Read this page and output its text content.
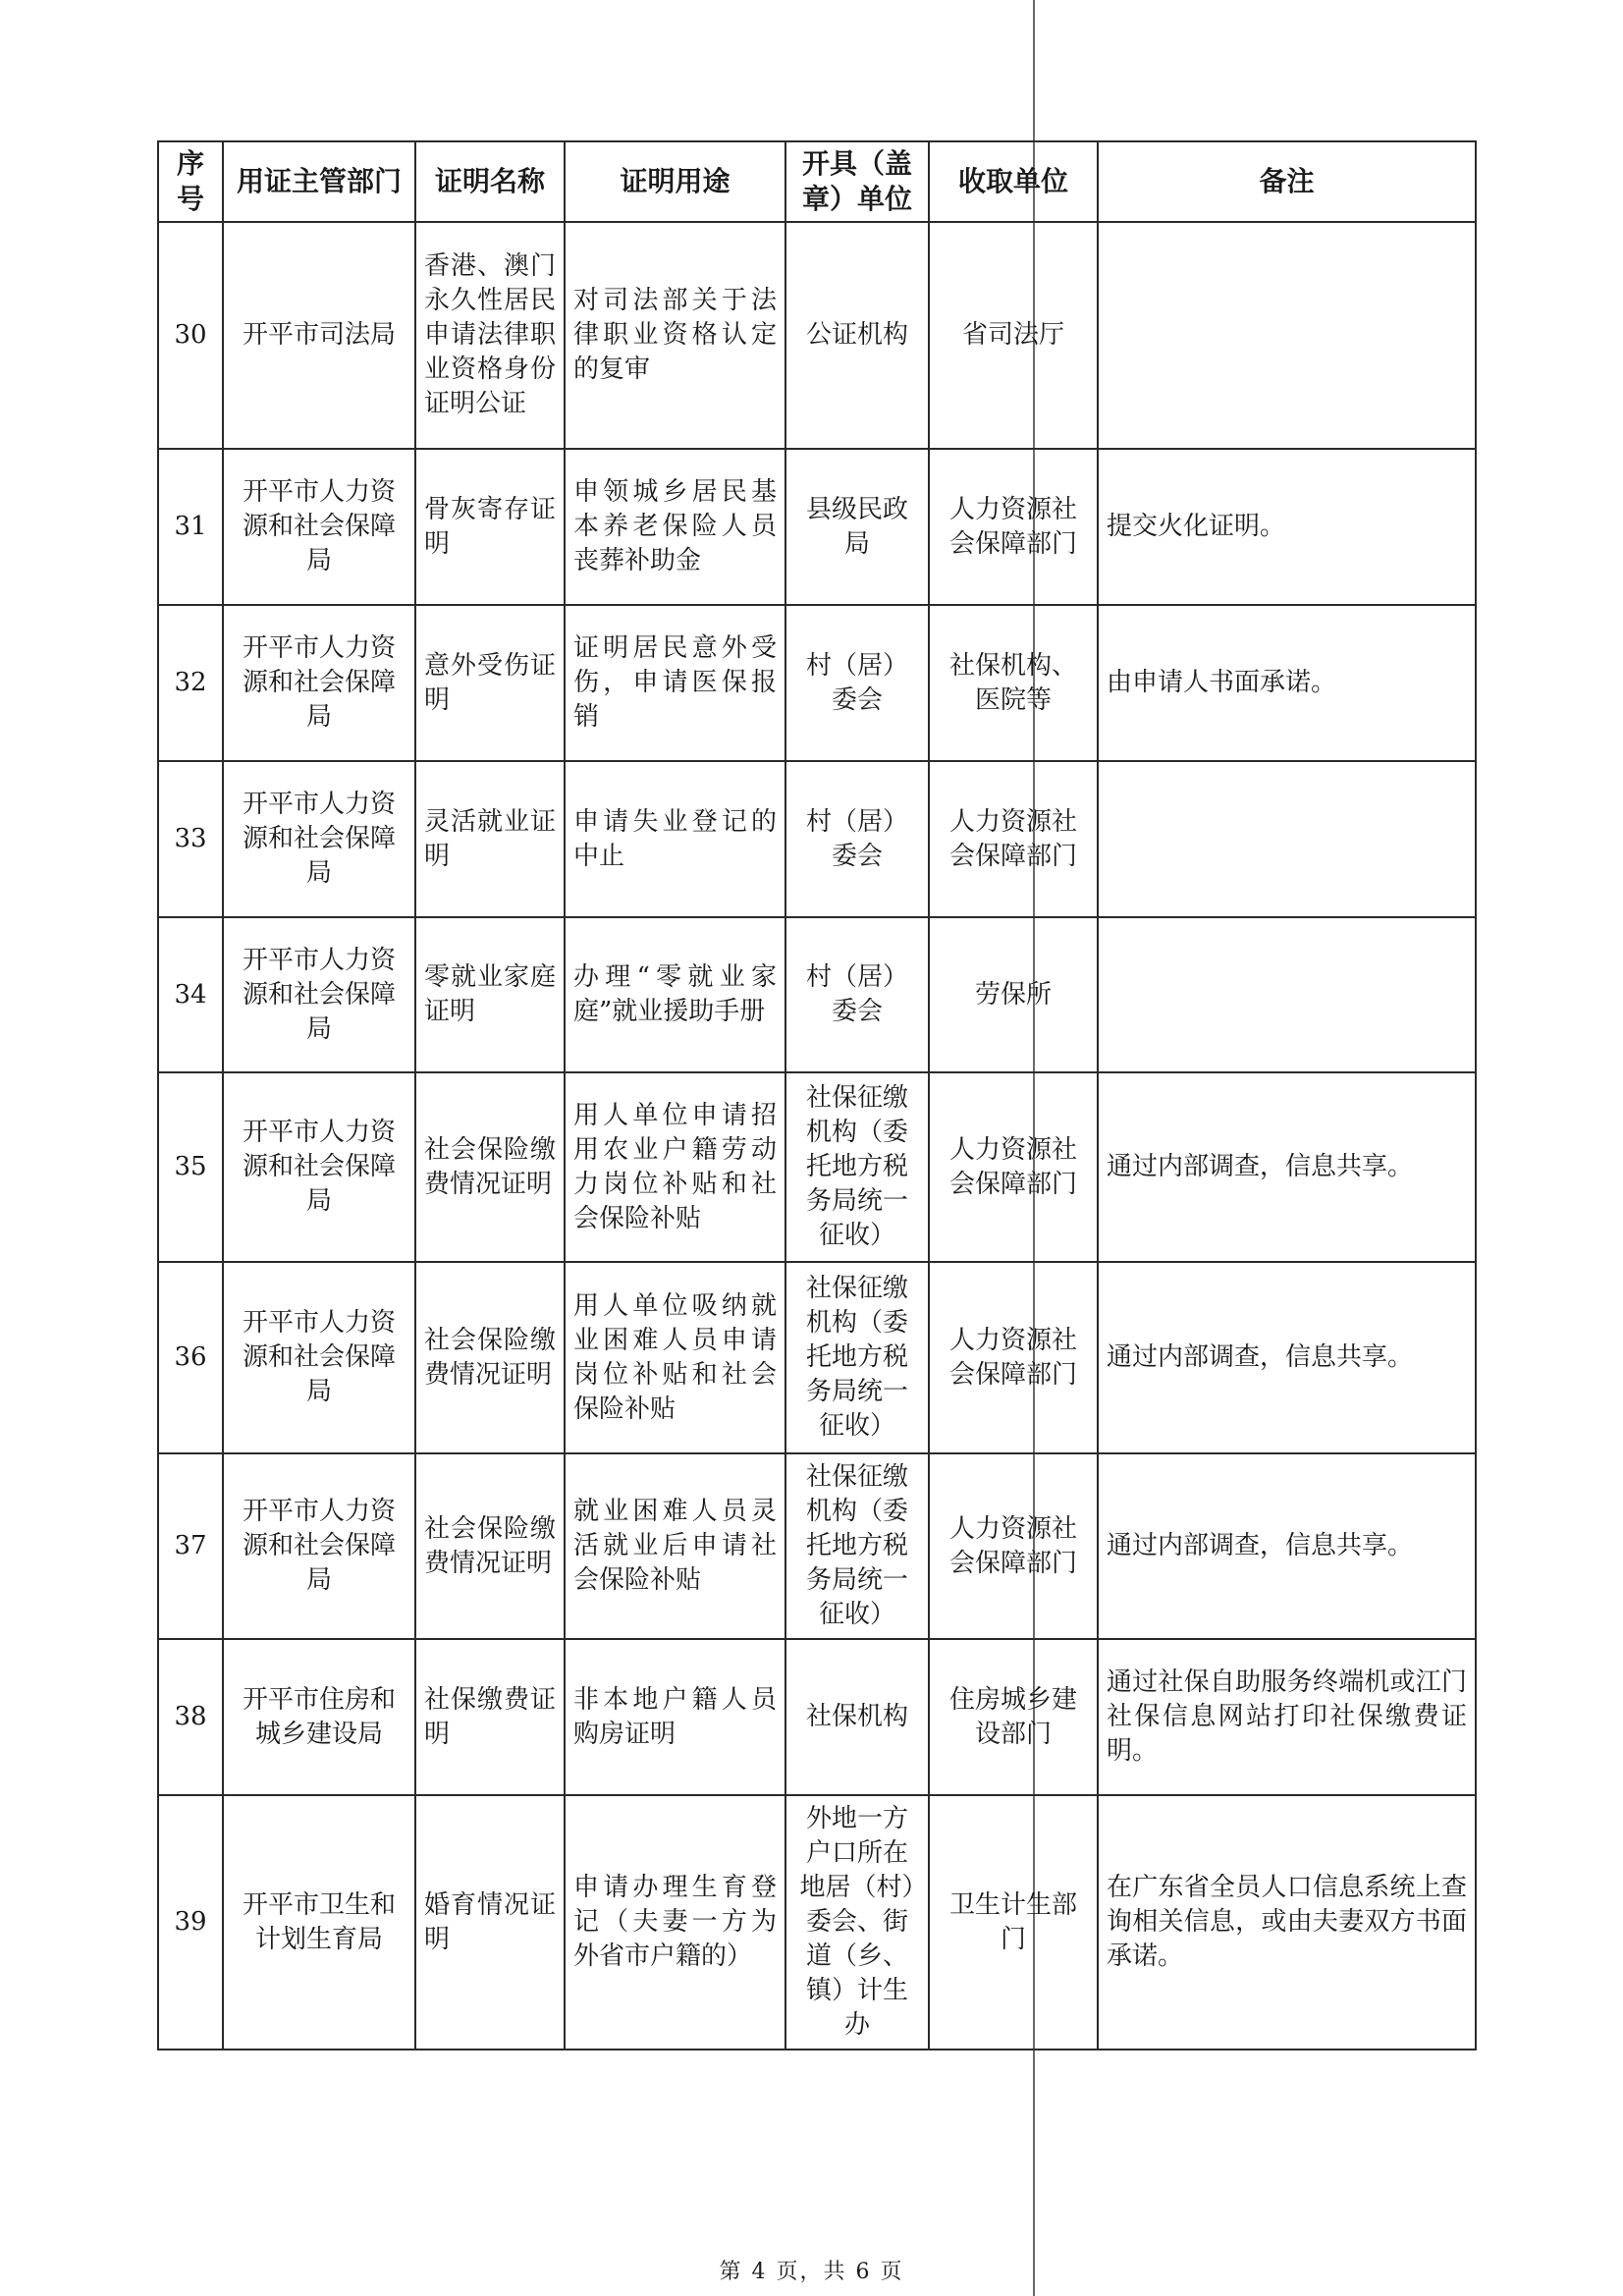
序号	用证主管部门	证明名称	证明用途	开具（盖章）单位	收取单位	备注
30	开平市司法局	香港、澳门永久性居民申请法律职业资格身份证明公证	对司法部关于法律职业资格认定的复审	公证机构	省司法厅	
31	开平市人力资源和社会保障局	骨灰寄存证明	申领城乡居民基本养老保险人员丧葬补助金	县级民政局	人力资源社会保障部门	提交火化证明。
32	开平市人力资源和社会保障局	意外受伤证明	证明居民意外受伤，申请医保报销	村（居）委会	社保机构、医院等	由申请人书面承诺。
33	开平市人力资源和社会保障局	灵活就业证明	申请失业登记的中止	村（居）委会	人力资源社会保障部门	
34	开平市人力资源和社会保障局	零就业家庭证明	办理“零就业家庭”就业援助手册	村（居）委会	劳保所	
35	开平市人力资源和社会保障局	社会保险缴费情况证明	用人单位申请招用农业户籍劳动力岗位补贴和社会保险补贴	社保征缴机构（委托地方税务局统一征收）	人力资源社会保障部门	通过内部调查，信息共享。
36	开平市人力资源和社会保障局	社会保险缴费情况证明	用人单位吸纳就业困难人员申请岗位补贴和社会保险补贴	社保征缴机构（委托地方税务局统一征收）	人力资源社会保障部门	通过内部调查，信息共享。
37	开平市人力资源和社会保障局	社会保险缴费情况证明	就业困难人员灵活就业后申请社会保险补贴	社保征缴机构（委托地方税务局统一征收）	人力资源社会保障部门	通过内部调查，信息共享。
38	开平市住房和城乡建设局	社保缴费证明	非本地户籍人员购房证明	社保机构	住房城乡建设部门	通过社保自助服务终端机或江门社保信息网站打印社保缴费证明。
39	开平市卫生和计划生育局	婚育情况证明	申请办理生育登记（夫妻一方为外省市户籍的）	外地一方户口所在地居（村）委会、街道（乡、镇）计生办	卫生计生部门	在广东省全员人口信息系统上查询相关信息，或由夫妻双方书面承诺。
第 4 页，共 6 页
